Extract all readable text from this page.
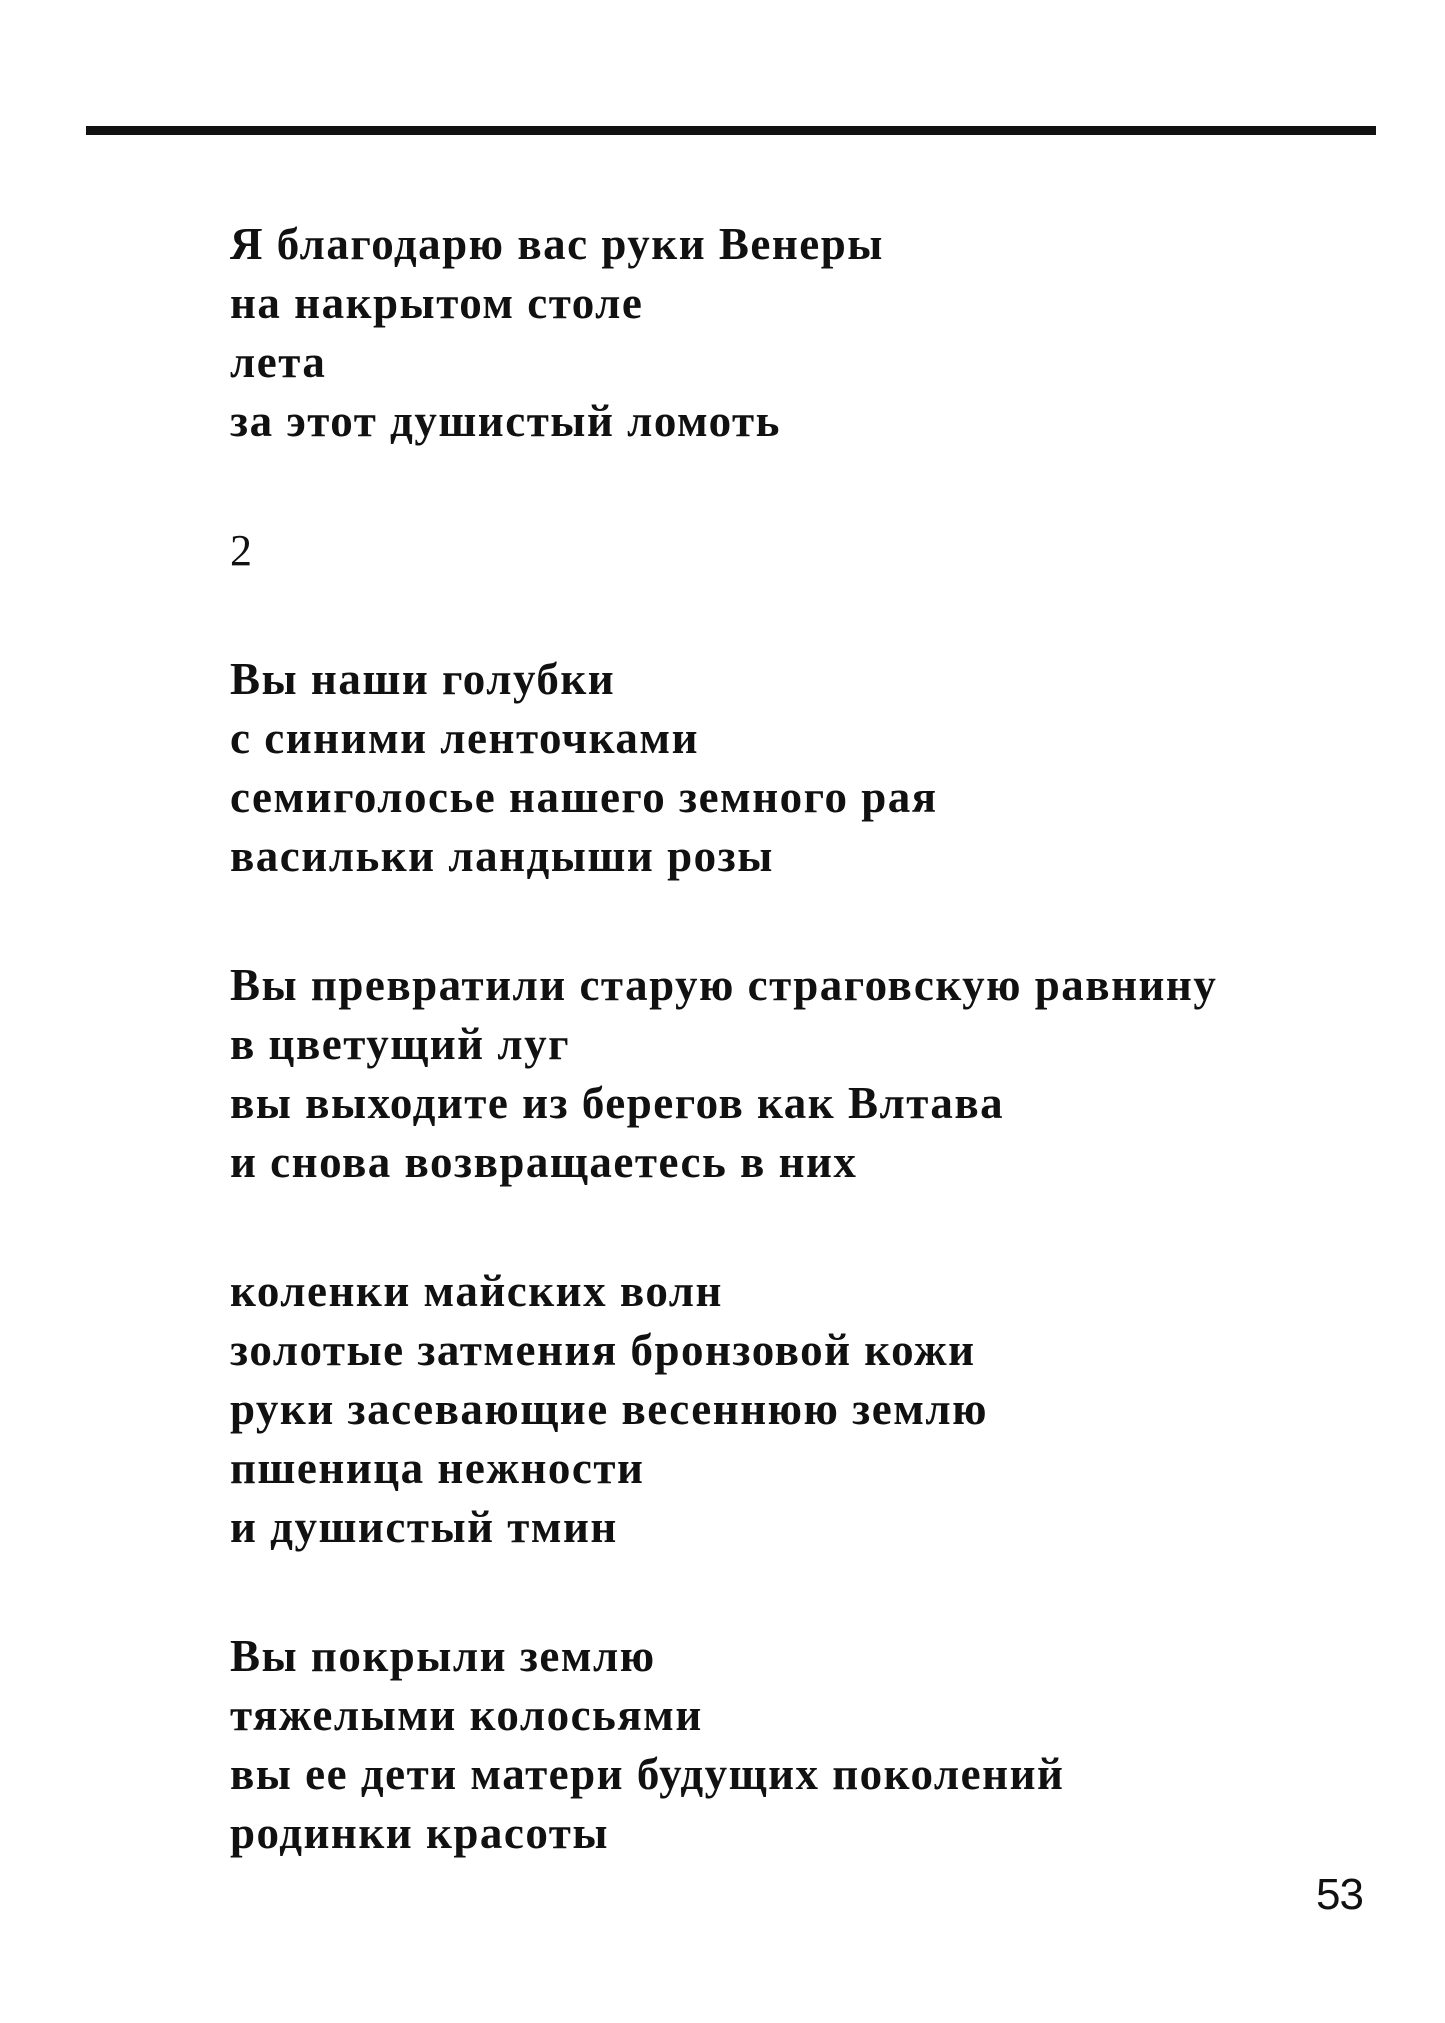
Я благодарю вас руки Венеры
на накрытом столе
лета
за этот душистый ломоть
2
Вы наши голубки
с синими ленточками
семиголосье нашего земного рая
васильки ландыши розы
Вы превратили старую страговскую равнину
в цветущий луг
вы выходите из берегов как Влтава
и снова возвращаетесь в них
коленки майских волн
золотые затмения бронзовой кожи
руки засевающие весеннюю землю
пшеница нежности
и душистый тмин
Вы покрыли землю
тяжелыми колосьями
вы ее дети матери будущих поколений
родинки красоты
53
